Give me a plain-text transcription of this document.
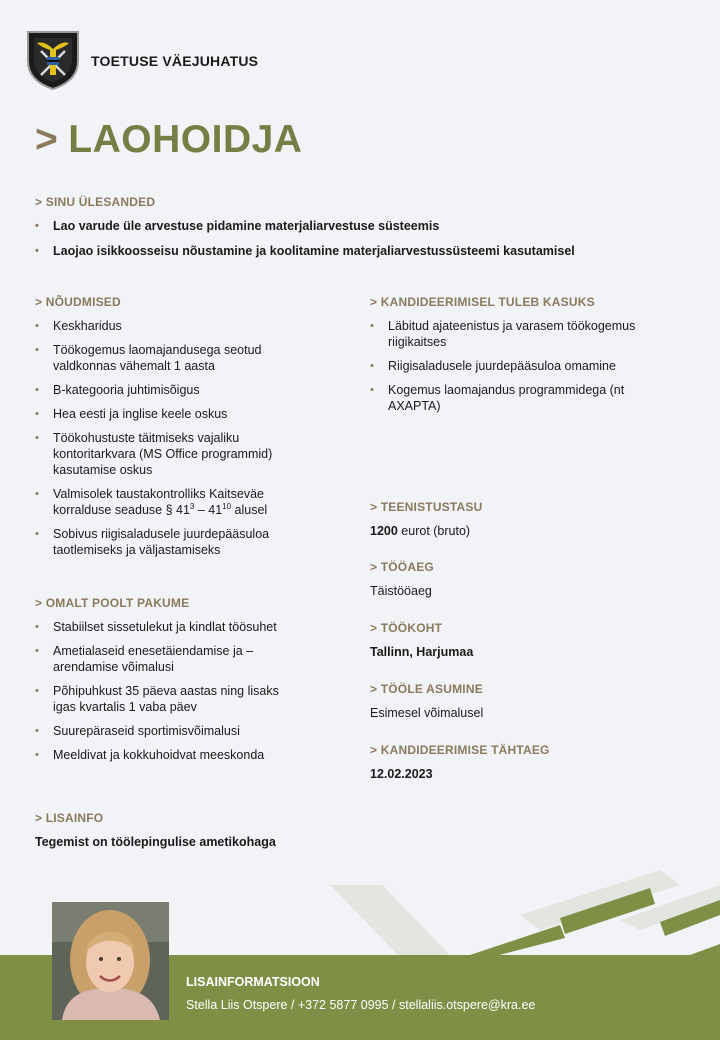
TOETUSE VÄEJUHATUS
> LAOHOIDJA
> SINU ÜLESANDED
• Lao varude üle arvestuse pidamine materjaliarvestuse süsteemis
• Laojao isikkoosseisu nõustamine ja koolitamine materjaliarvestussüsteemi kasutamisel
> NÕUDMISED
• Keskharidus
• Töökogemus laomajandusega seotud valdkonnas vähemalt 1 aasta
• B-kategooria juhtimisõigus
• Hea eesti ja inglise keele oskus
• Töökohustuste täitmiseks vajaliku kontoritarkvara (MS Office programmid) kasutamise oskus
• Valmisolek taustakontrolliks Kaitseväe korralduse seaduse § $41^3 - 41^{10}$ alusel
• Sobivus riigisaladusele juurdepääsuloa taotlemiseks ja väljastamiseks
> KANDIDEERIMISEL TULEB KASUKS
• Läbitud ajateenistus ja varasem töökogemus riigikaitses
• Riigisaladusele juurdepääsuloa omamine
• Kogemus laomajandus programmidega (nt AXAPTA)
> OMALT POOLT PAKUME
• Stabiilset sissetulekut ja kindlat töösuhet
• Ametialaseid enesetäiendamise ja –arendamise võimalusi
• Põhipuhkust 35 päeva aastas ning lisaks igas kvartalis 1 vaba päev
• Suurepäraseid sportimisvõimalusi
• Meeldivat ja kokkuhoidvat meeskonda
> TEENISTUSTASU
1200 eurot (bruto)
> TÖÖAEG
Täistööaeg
> TÖÖKOHT
Tallinn, Harjumaa
> TÖÖLE ASUMINE
Esimesel võimalusel
> KANDIDEERIMISE TÄHTAEG
12.02.2023
> LISAINFO
Tegemist on töölepingulise ametikohaga
LISAINFORMATSIOON
Stella Liis Otspere / +372 5877 0995 / stellaliis.otspere@kra.ee
